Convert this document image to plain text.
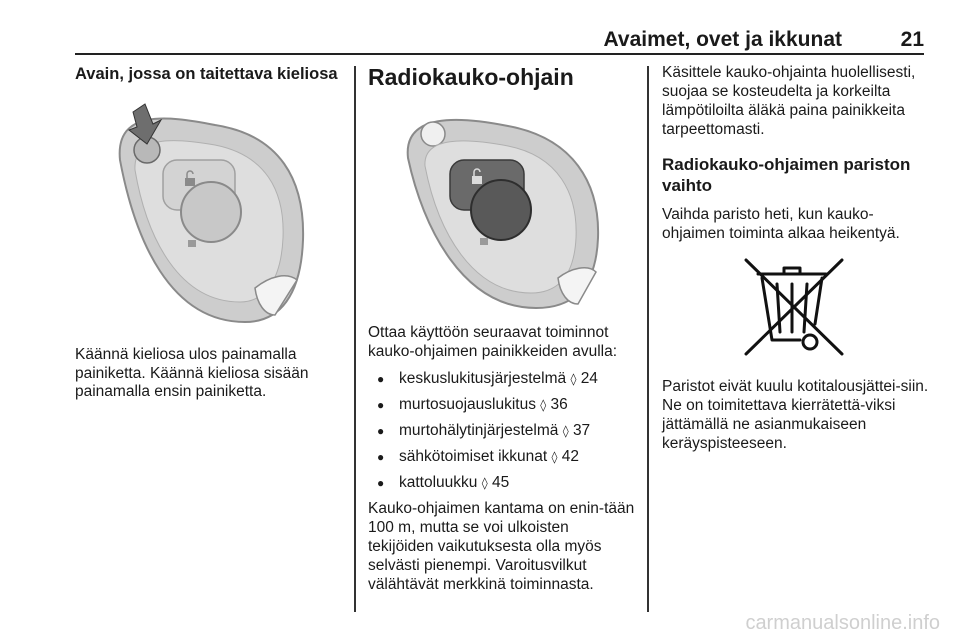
Avaimet, ovet ja ikkunat	21
Avain, jossa on taitettava kieliosa

Käännä kieliosa ulos painamalla painiketta. Käännä kieliosa sisään painamalla ensin painiketta.

Radiokauko-ohjain

Ottaa käyttöön seuraavat toiminnot kauko-ohjaimen painikkeiden avulla:

● keskuslukitusjärjestelmä ◊ 24
● murtosuojauslukitus ◊ 36
● murtohälytinjärjestelmä ◊ 37
● sähkötoimiset ikkunat ◊ 42
● kattoluukku ◊ 45

Kauko-ohjaimen kantama on enin-tään 100 m, mutta se voi ulkoisten tekijöiden vaikutuksesta olla myös selvästi pienempi. Varoitusvilkut välähtävät merkkinä toiminnasta.

Käsittele kauko-ohjainta huolellisesti, suojaa se kosteudelta ja korkeilta lämpötiloilta äläkä paina painikkeita tarpeettomasti.

Radiokauko-ohjaimen pariston vaihto

Vaihda paristo heti, kun kauko-ohjaimen toiminta alkaa heikentyä.

Paristot eivät kuulu kotitalousjättei-siin. Ne on toimitettava kierrätettä-viksi jättämällä ne asianmukaiseen keräyspisteeseen.

carmanualsonline.info
